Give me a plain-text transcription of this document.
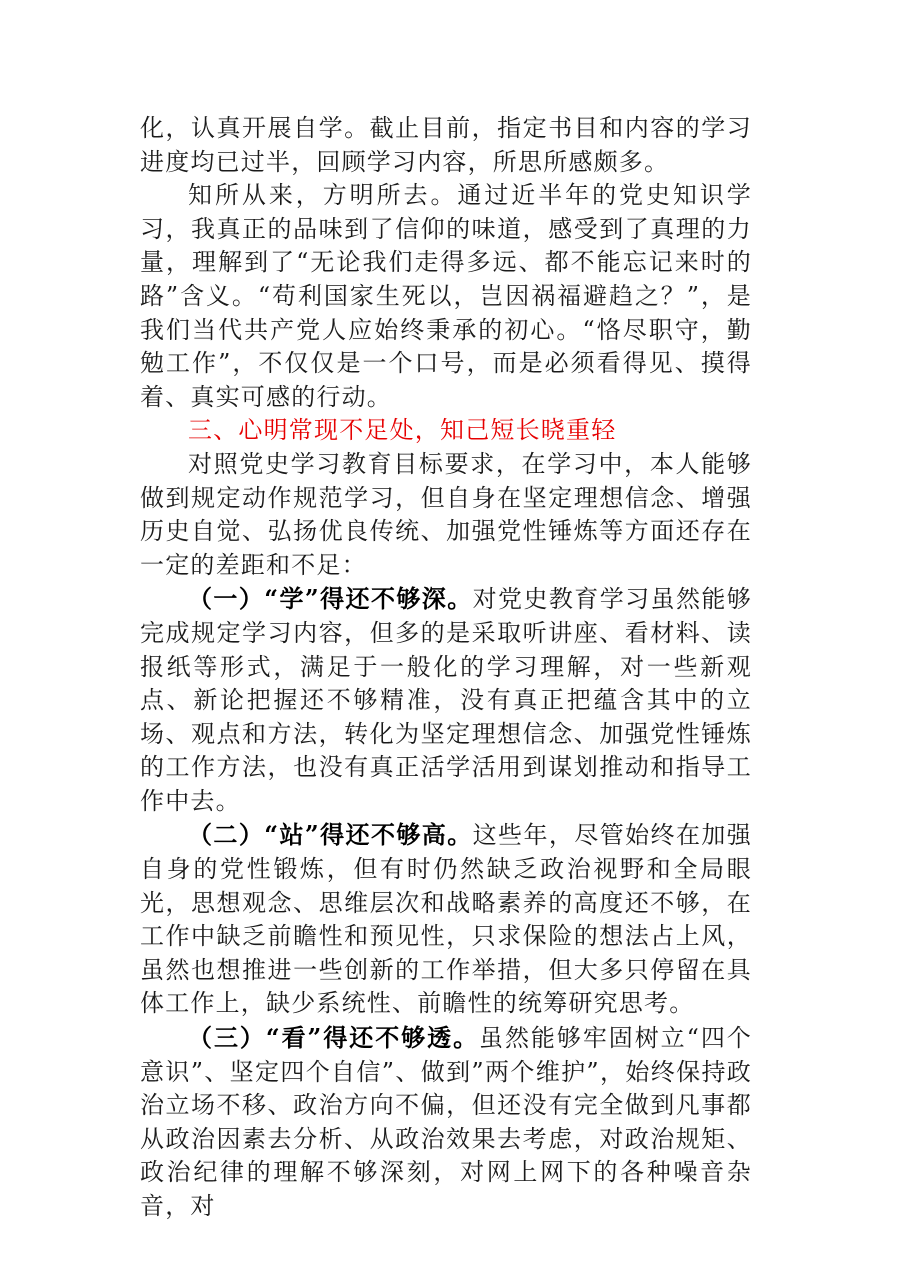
化，认真开展自学。截止目前，指定书目和内容的学习进度均已过半，回顾学习内容，所思所感颇多。

知所从来，方明所去。通过近半年的党史知识学习，我真正的品味到了信仰的味道，感受到了真理的力量，理解到了“无论我们走得多远、都不能忘记来时的路”含义。“苟利国家生死以，岂因祸福避趋之？”，是我们当代共产党人应始终秉承的初心。“恪尽职守，勤勉工作”，不仅仅是一个口号，而是必须看得见、摸得着、真实可感的行动。

三、心明常现不足处，知己短长晓重轻

对照党史学习教育目标要求，在学习中，本人能够做到规定动作规范学习，但自身在坚定理想信念、增强历史自觉、弘扬优良传统、加强党性锤炼等方面还存在一定的差距和不足：

（一）“学”得还不够深。对党史教育学习虽然能够完成规定学习内容，但多的是采取听讲座、看材料、读报纸等形式，满足于一般化的学习理解，对一些新观点、新论把握还不够精准，没有真正把蕴含其中的立场、观点和方法，转化为坚定理想信念、加强党性锤炼的工作方法，也没有真正活学活用到谋划推动和指导工作中去。

（二）“站”得还不够高。这些年，尽管始终在加强自身的党性锻炼，但有时仍然缺乏政治视野和全局眼光，思想观念、思维层次和战略素养的高度还不够，在工作中缺乏前瞻性和预见性，只求保险的想法占上风，虽然也想推进一些创新的工作举措，但大多只停留在具体工作上，缺少系统性、前瞻性的统筹研究思考。

（三）“看”得还不够透。虽然能够牢固树立“四个意识”、坚定四个自信”、做到”两个维护”，始终保持政治立场不移、政治方向不偏，但还没有完全做到凡事都从政治因素去分析、从政治效果去考虑，对政治规矩、政治纪律的理解不够深刻，对网上网下的各种噪音杂音，对
